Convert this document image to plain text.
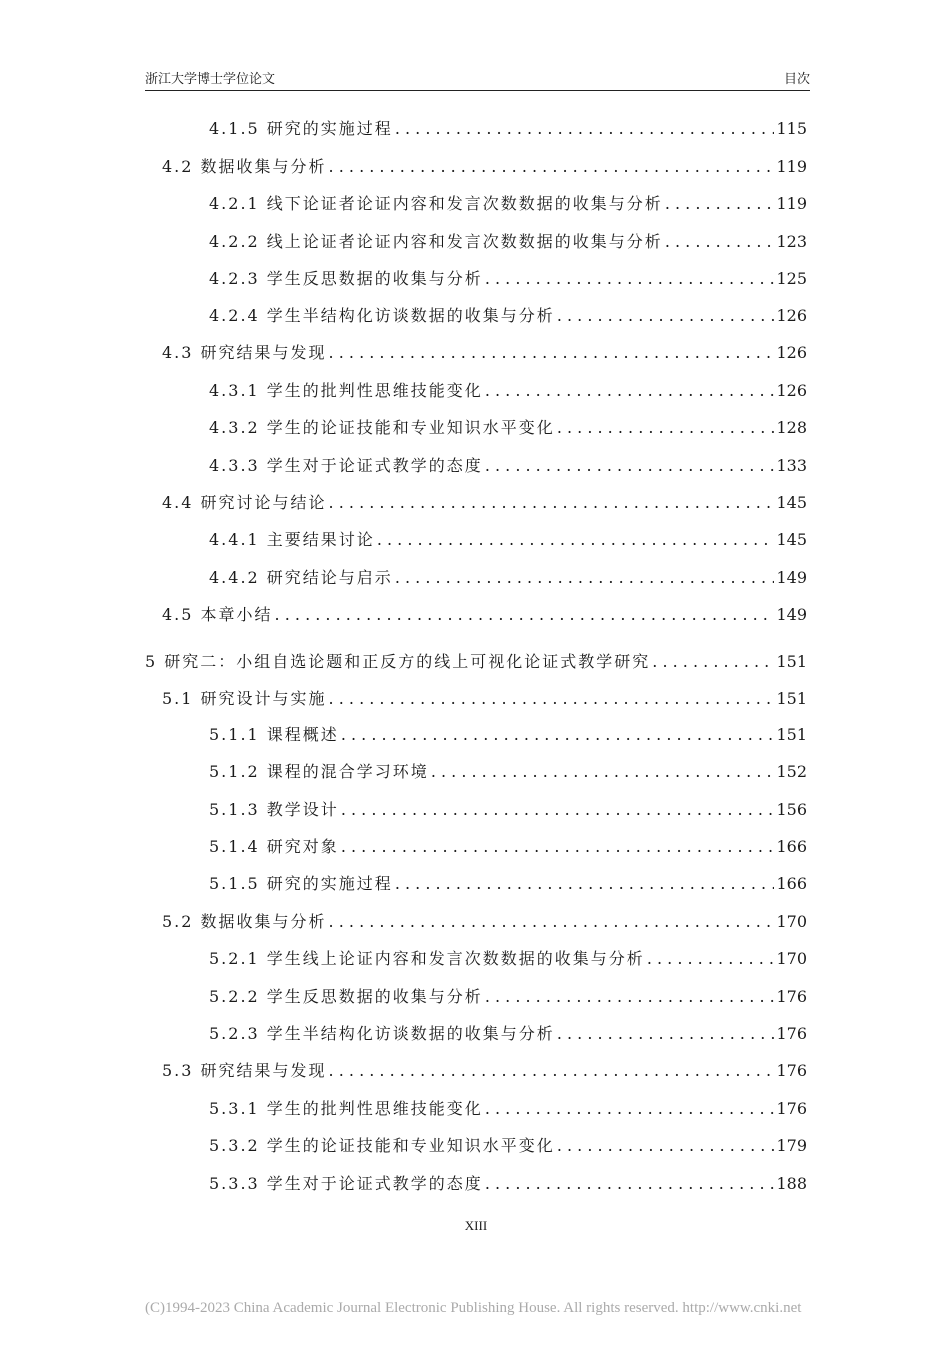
浙江大学博士学位论文	目次
4.1.5 研究的实施过程 . . .	115
4.2 数据收集与分析 . . .	119
4.2.1 线下论证者论证内容和发言次数数据的收集与分析 . . .	119
4.2.2 线上论证者论证内容和发言次数数据的收集与分析 . . .	123
4.2.3 学生反思数据的收集与分析 . . .	125
4.2.4 学生半结构化访谈数据的收集与分析 . . .	126
4.3 研究结果与发现 . . .	126
4.3.1 学生的批判性思维技能变化 . . .	126
4.3.2 学生的论证技能和专业知识水平变化 . . .	128
4.3.3 学生对于论证式教学的态度 . . .	133
4.4 研究讨论与结论 . . .	145
4.4.1 主要结果讨论 . . .	145
4.4.2 研究结论与启示 . . .	149
4.5 本章小结 . . .	149
5 研究二：小组自选论题和正反方的线上可视化论证式教学研究 . . .	151
5.1 研究设计与实施 . . .	151
5.1.1 课程概述 . . .	151
5.1.2 课程的混合学习环境 . . .	152
5.1.3 教学设计 . . .	156
5.1.4 研究对象 . . .	166
5.1.5 研究的实施过程 . . .	166
5.2 数据收集与分析 . . .	170
5.2.1 学生线上论证内容和发言次数数据的收集与分析 . . .	170
5.2.2 学生反思数据的收集与分析 . . .	176
5.2.3 学生半结构化访谈数据的收集与分析 . . .	176
5.3 研究结果与发现 . . .	176
5.3.1 学生的批判性思维技能变化 . . .	176
5.3.2 学生的论证技能和专业知识水平变化 . . .	179
5.3.3 学生对于论证式教学的态度 . . .	188
XIII
(C)1994-2023 China Academic Journal Electronic Publishing House. All rights reserved. http://www.cnki.net
